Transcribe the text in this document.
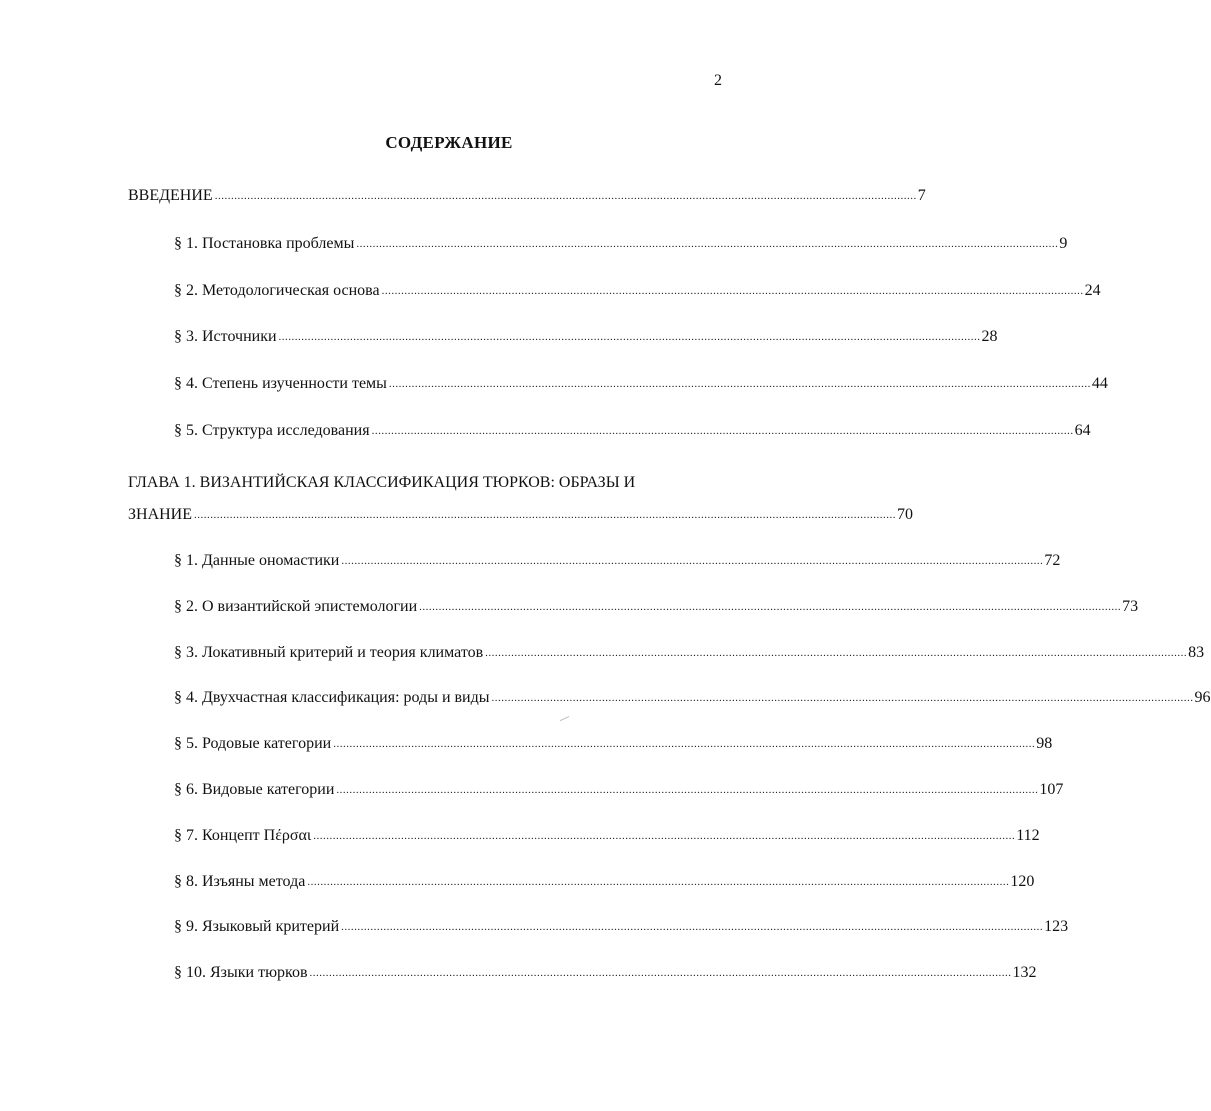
2
СОДЕРЖАНИЕ
ВВЕДЕНИЕ ........................................................................................................................................................................................................................ 7
§ 1. Постановка проблемы ........................................................................................................................................................................................................................ 9
§ 2. Методологическая основа ........................................................................................................................................................................................................................ 24
§ 3. Источники ........................................................................................................................................................................................................................ 28
§ 4. Степень изученности темы ........................................................................................................................................................................................................................ 44
§ 5. Структура исследования ........................................................................................................................................................................................................................ 64
ГЛАВА 1. ВИЗАНТИЙСКАЯ КЛАССИФИКАЦИЯ ТЮРКОВ: ОБРАЗЫ И
ЗНАНИЕ ........................................................................................................................................................................................................................ 70
§ 1. Данные ономастики ........................................................................................................................................................................................................................ 72
§ 2. О византийской эпистемологии ........................................................................................................................................................................................................................ 73
§ 3. Локативный критерий и теория климатов ........................................................................................................................................................................................................................ 83
§ 4. Двухчастная классификация: роды и виды ........................................................................................................................................................................................................................ 96
§ 5. Родовые категории ........................................................................................................................................................................................................................ 98
§ 6. Видовые категории ........................................................................................................................................................................................................................ 107
§ 7. Концепт Πέρσαι ........................................................................................................................................................................................................................ 112
§ 8. Изъяны метода ........................................................................................................................................................................................................................ 120
§ 9. Языковый критерий ........................................................................................................................................................................................................................ 123
§ 10. Языки тюрков ........................................................................................................................................................................................................................ 132
